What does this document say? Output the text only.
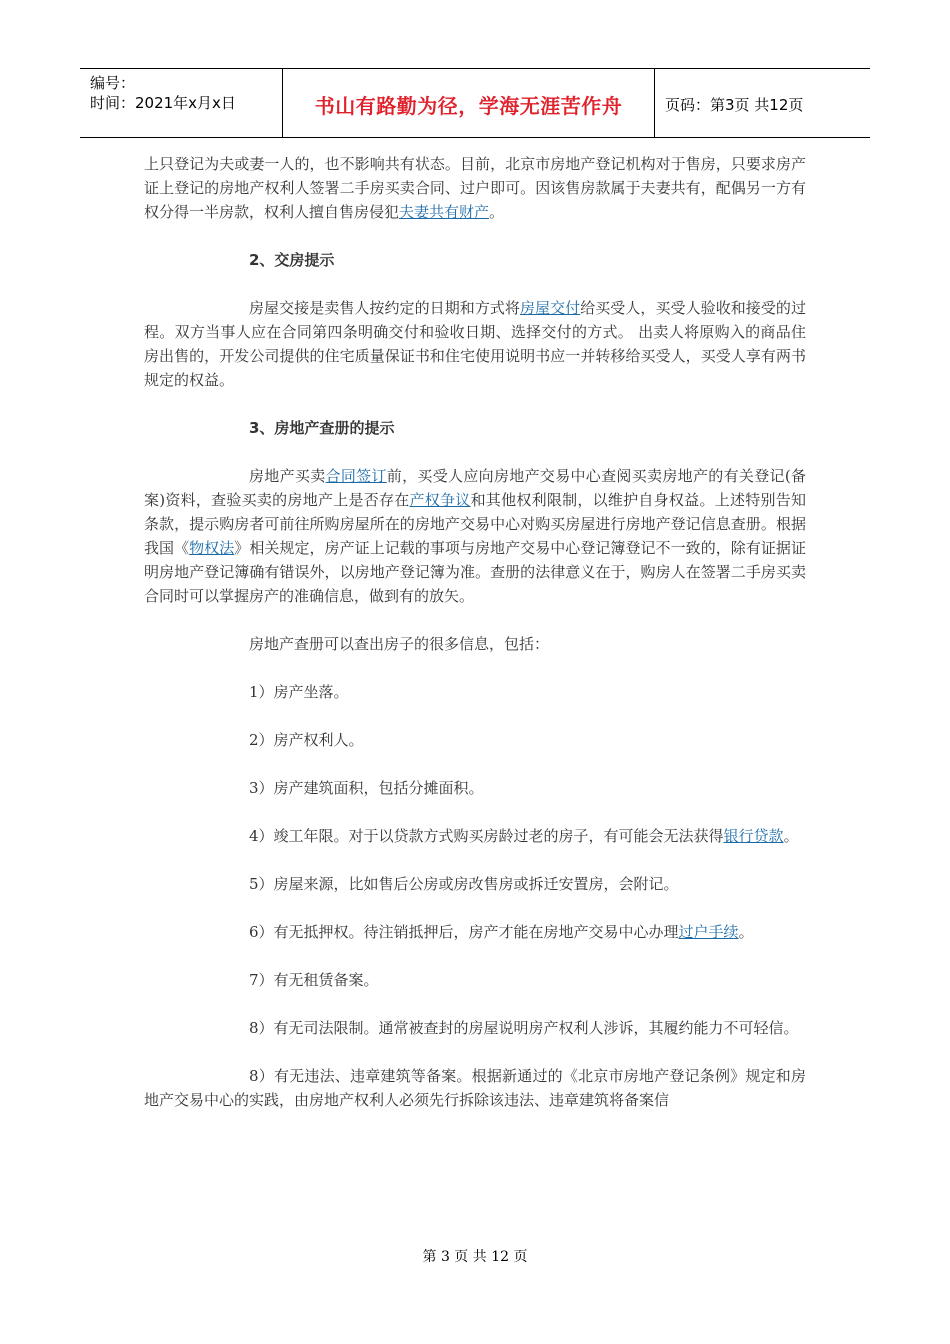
编号：
时间：2021年x月x日	书山有路勤为径，学海无涯苦作舟	页码：第3页 共12页

上只登记为夫或妻一人的，也不影响共有状态。目前，北京市房地产登记机构对于售房，只要求房产证上登记的房地产权利人签署二手房买卖合同、过户即可。因该售房款属于夫妻共有，配偶另一方有权分得一半房款，权利人擅自售房侵犯夫妻共有财产。

2、交房提示

房屋交接是卖售人按约定的日期和方式将房屋交付给买受人，买受人验收和接受的过程。双方当事人应在合同第四条明确交付和验收日期、选择交付的方式。 出卖人将原购入的商品住房出售的，开发公司提供的住宅质量保证书和住宅使用说明书应一并转移给买受人，买受人享有两书规定的权益。

3、房地产查册的提示

房地产买卖合同签订前，买受人应向房地产交易中心查阅买卖房地产的有关登记(备案)资料，查验买卖的房地产上是否存在产权争议和其他权利限制，以维护自身权益。上述特别告知条款，提示购房者可前往所购房屋所在的房地产交易中心对购买房屋进行房地产登记信息查册。根据我国《物权法》相关规定，房产证上记载的事项与房地产交易中心登记簿登记不一致的，除有证据证明房地产登记簿确有错误外，以房地产登记簿为准。查册的法律意义在于，购房人在签署二手房买卖合同时可以掌握房产的准确信息，做到有的放矢。

房地产查册可以查出房子的很多信息，包括：

1）房产坐落。

2）房产权利人。

3）房产建筑面积，包括分摊面积。

4）竣工年限。对于以贷款方式购买房龄过老的房子，有可能会无法获得银行贷款。

5）房屋来源，比如售后公房或房改售房或拆迁安置房，会附记。

6）有无抵押权。待注销抵押后，房产才能在房地产交易中心办理过户手续。

7）有无租赁备案。

8）有无司法限制。通常被查封的房屋说明房产权利人涉诉，其履约能力不可轻信。

8）有无违法、违章建筑等备案。根据新通过的《北京市房地产登记条例》规定和房地产交易中心的实践，由房地产权利人必须先行拆除该违法、违章建筑将备案信

第 3 页 共 12 页
